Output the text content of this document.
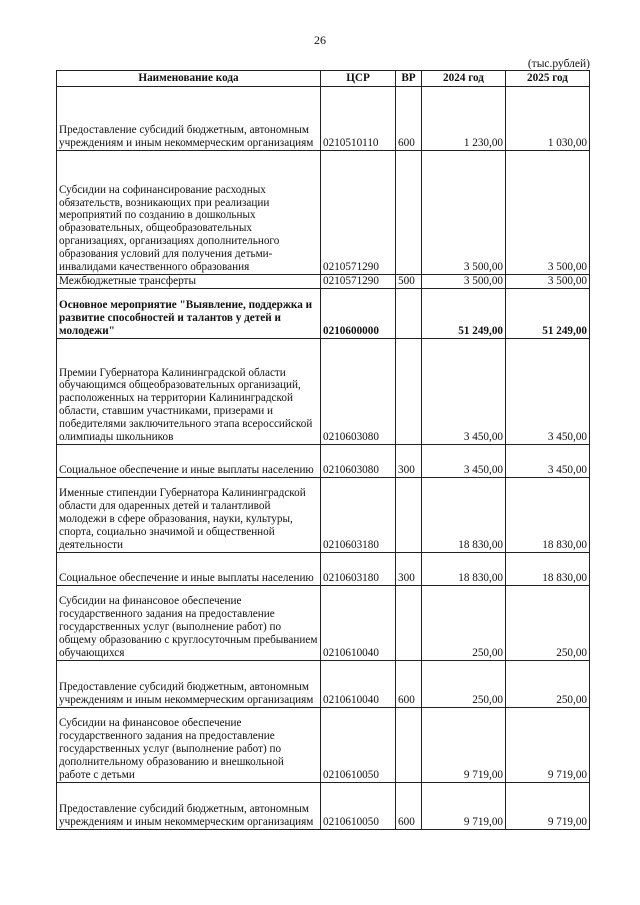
26
(тыс.рублей)
Наименование кода	ЦСР	ВР	2024 год	2025 год
Предоставление субсидий бюджетным, автономным учреждениям и иным некоммерческим организациям	0210510110	600	1 230,00	1 030,00
Субсидии на софинансирование расходных обязательств, возникающих при реализации мероприятий по созданию в дошкольных образовательных, общеобразовательных организациях, организациях дополнительного образования условий для получения детьми-инвалидами качественного образования	0210571290		3 500,00	3 500,00
Межбюджетные трансферты	0210571290	500	3 500,00	3 500,00
Основное мероприятие "Выявление, поддержка и развитие способностей и талантов у детей и молодежи"	0210600000		51 249,00	51 249,00
Премии Губернатора Калининградской области обучающимся общеобразовательных организаций, расположенных на территории Калининградской области, ставшим участниками, призерами и победителями заключительного этапа всероссийской олимпиады школьников	0210603080		3 450,00	3 450,00
Социальное обеспечение и иные выплаты населению	0210603080	300	3 450,00	3 450,00
Именные стипендии Губернатора Калининградской области для одаренных детей и талантливой молодежи в сфере образования, науки, культуры, спорта, социально значимой и общественной деятельности	0210603180		18 830,00	18 830,00
Социальное обеспечение и иные выплаты населению	0210603180	300	18 830,00	18 830,00
Субсидии на финансовое обеспечение государственного задания на предоставление государственных услуг (выполнение работ) по общему образованию с круглосуточным пребыванием обучающихся	0210610040		250,00	250,00
Предоставление субсидий бюджетным, автономным учреждениям и иным некоммерческим организациям	0210610040	600	250,00	250,00
Субсидии на финансовое обеспечение государственного задания на предоставление государственных услуг (выполнение работ) по дополнительному образованию и внешкольной работе с детьми	0210610050		9 719,00	9 719,00
Предоставление субсидий бюджетным, автономным учреждениям и иным некоммерческим организациям	0210610050	600	9 719,00	9 719,00
